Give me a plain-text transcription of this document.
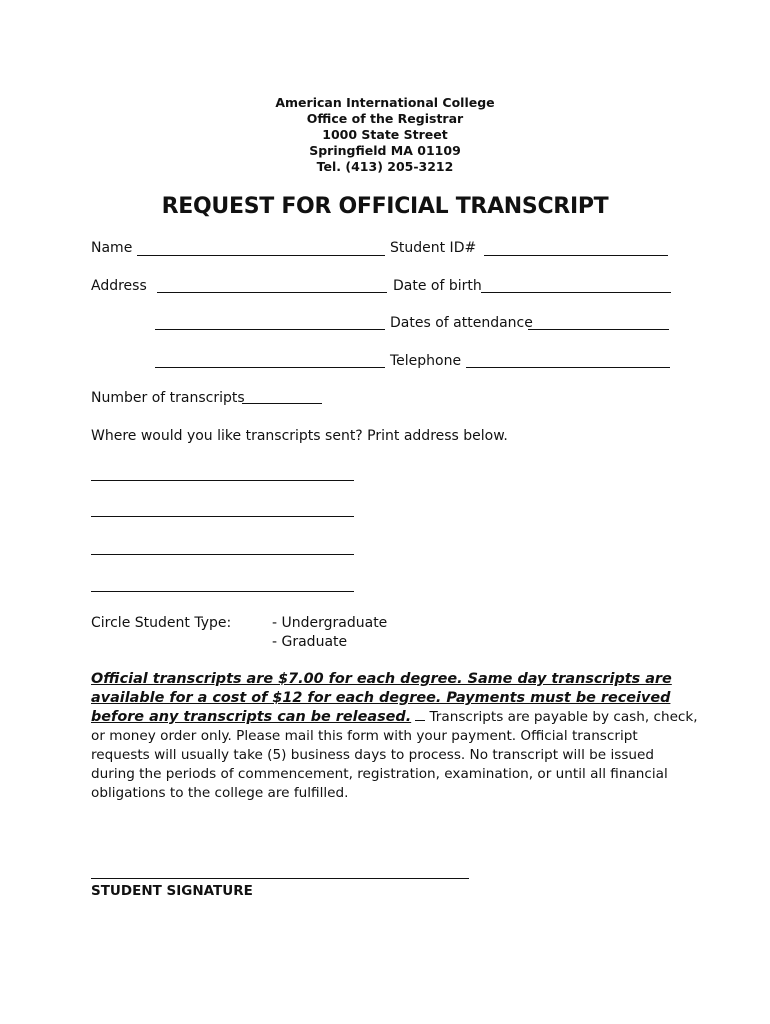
American International College
Office of the Registrar
1000 State Street
Springfield MA 01109
Tel. (413) 205-3212
REQUEST FOR OFFICIAL TRANSCRIPT
Name	Student ID#
Address	Date of birth
Dates of attendance
Telephone
Number of transcripts
Where would you like transcripts sent? Print address below.
Circle Student Type:	- Undergraduate
- Graduate
Official transcripts are $7.00 for each degree. Same day transcripts are
available for a cost of $12 for each degree. Payments must be received
before any transcripts can be released. Transcripts are payable by cash, check,
or money order only. Please mail this form with your payment. Official transcript
requests will usually take (5) business days to process. No transcript will be issued
during the periods of commencement, registration, examination, or until all financial
obligations to the college are fulfilled.
STUDENT SIGNATURE
